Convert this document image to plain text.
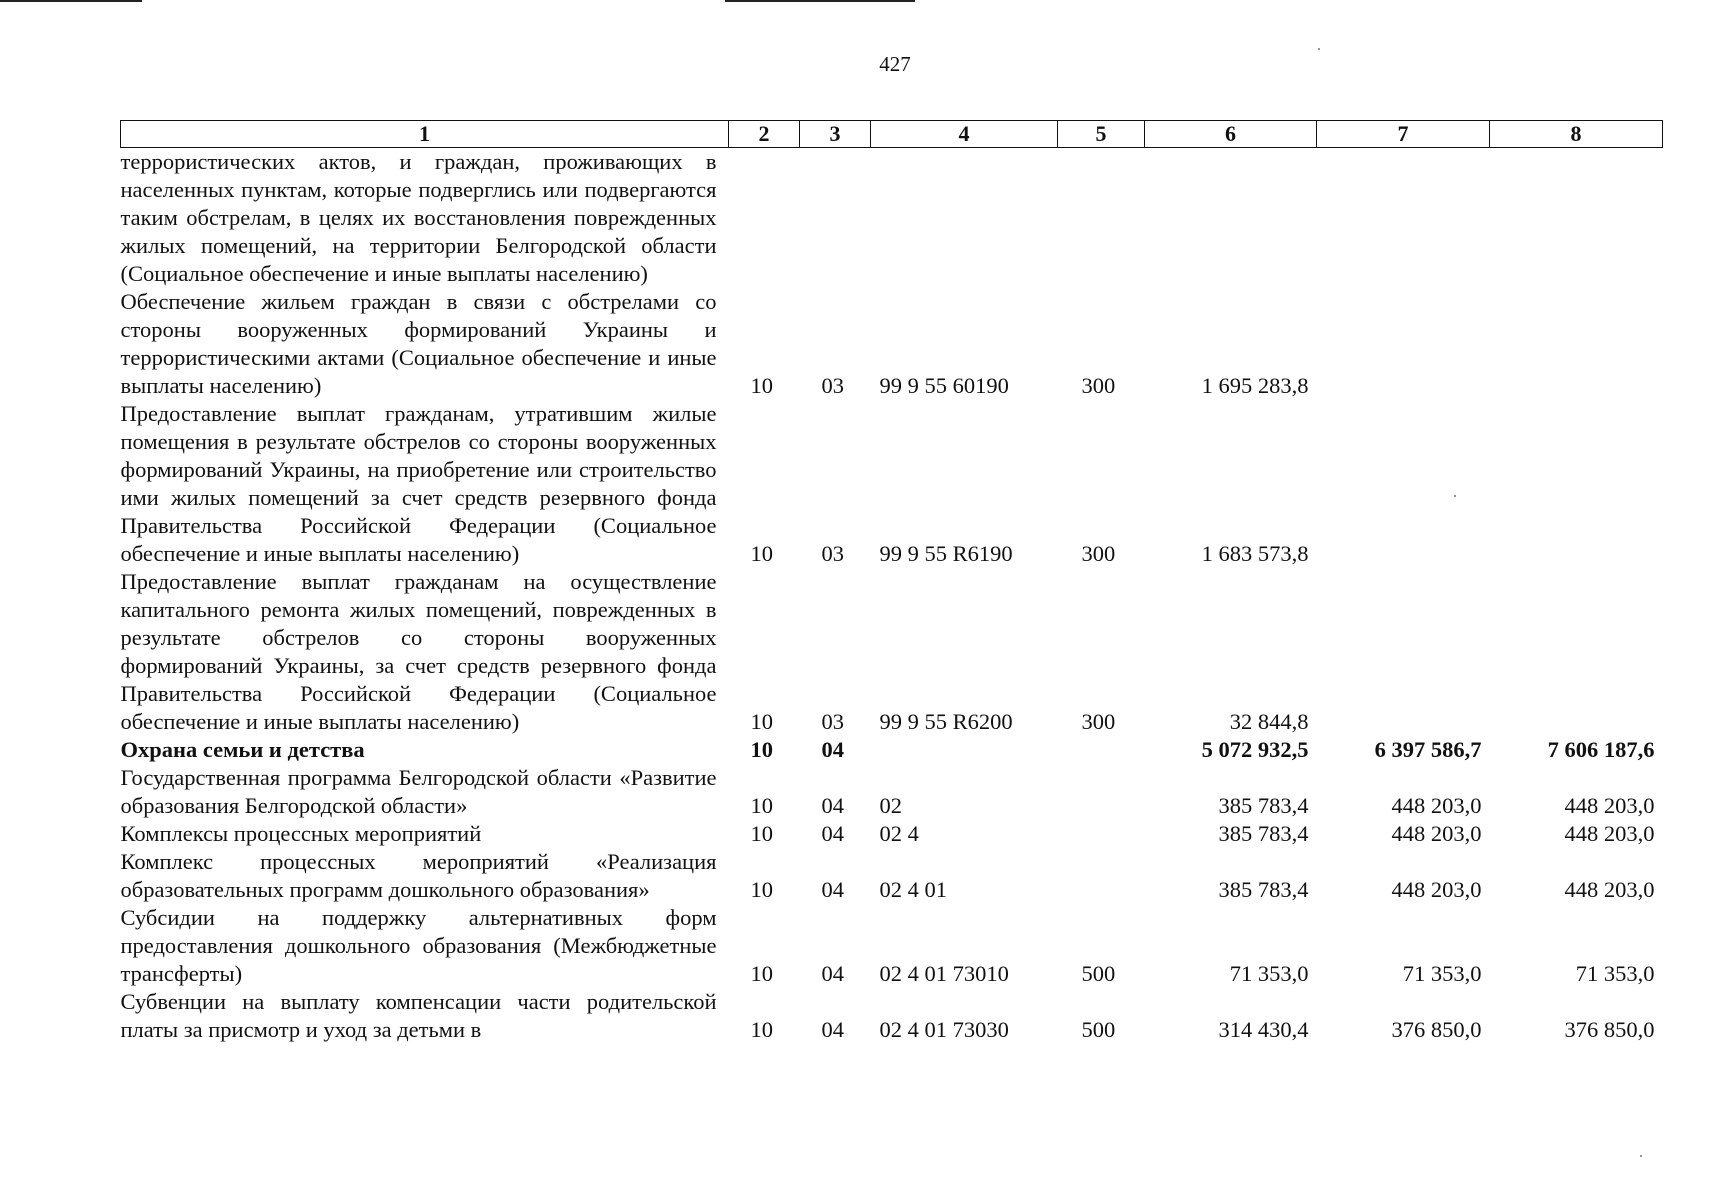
427
1	2	3	4	5	6	7	8
террористических актов, и граждан, проживающих в населенных пунктам, которые подверглись или подвергаются таким обстрелам, в целях их восстановления поврежденных жилых помещений, на территории Белгородской области (Социальное обеспечение и иные выплаты населению)							
Обеспечение жильем граждан в связи с обстрелами со стороны вооруженных формирований Украины и террористическими актами (Социальное обеспечение и иные выплаты населению)	10	03	99 9 55 60190	300	1 695 283,8		
Предоставление выплат гражданам, утратившим жилые помещения в результате обстрелов со стороны вооруженных формирований Украины, на приобретение или строительство ими жилых помещений за счет средств резервного фонда Правительства Российской Федерации (Социальное обеспечение и иные выплаты населению)	10	03	99 9 55 R6190	300	1 683 573,8		
Предоставление выплат гражданам на осуществление капитального ремонта жилых помещений, поврежденных в результате обстрелов со стороны вооруженных формирований Украины, за счет средств резервного фонда Правительства Российской Федерации (Социальное обеспечение и иные выплаты населению)	10	03	99 9 55 R6200	300	32 844,8		
Охрана семьи и детства	10	04			5 072 932,5	6 397 586,7	7 606 187,6
Государственная программа Белгородской области «Развитие образования Белгородской области»	10	04	02		385 783,4	448 203,0	448 203,0
Комплексы процессных мероприятий	10	04	02 4		385 783,4	448 203,0	448 203,0
Комплекс процессных мероприятий «Реализация образовательных программ дошкольного образования»	10	04	02 4 01		385 783,4	448 203,0	448 203,0
Субсидии на поддержку альтернативных форм предоставления дошкольного образования (Межбюджетные трансферты)	10	04	02 4 01 73010	500	71 353,0	71 353,0	71 353,0
Субвенции на выплату компенсации части родительской платы за присмотр и уход за детьми в	10	04	02 4 01 73030	500	314 430,4	376 850,0	376 850,0
